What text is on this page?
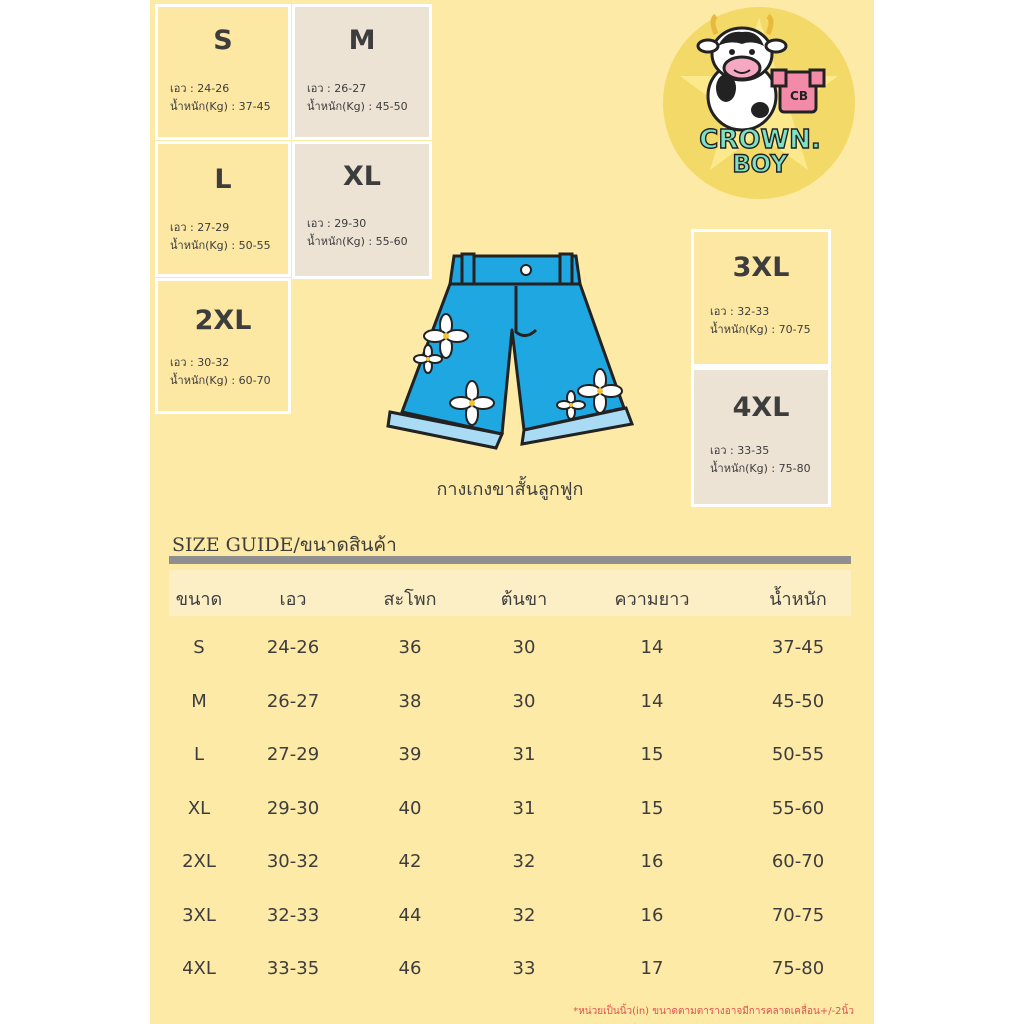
S
เอว : 24-26
น้ำหนัก(Kg) : 37-45
M
เอว : 26-27
น้ำหนัก(Kg) : 45-50
L
เอว : 27-29
น้ำหนัก(Kg) : 50-55
XL
เอว : 29-30
น้ำหนัก(Kg) : 55-60
2XL
เอว : 30-32
น้ำหนัก(Kg) : 60-70
3XL
เอว : 32-33
น้ำหนัก(Kg) : 70-75
4XL
เอว : 33-35
น้ำหนัก(Kg) : 75-80
CB
CROWN.
BOY
กางเกงขาสั้นลูกฟูก
SIZE GUIDE/ขนาดสินค้า
ขนาด	เอว	สะโพก	ต้นขา	ความยาว	น้ำหนัก
S	24-26	36	30	14	37-45
M	26-27	38	30	14	45-50
L	27-29	39	31	15	50-55
XL	29-30	40	31	15	55-60
2XL	30-32	42	32	16	60-70
3XL	32-33	44	32	16	70-75
4XL	33-35	46	33	17	75-80
*หน่วยเป็นนิ้ว(in) ขนาดตามตารางอาจมีการคลาดเคลื่อน+/-2นิ้ว
